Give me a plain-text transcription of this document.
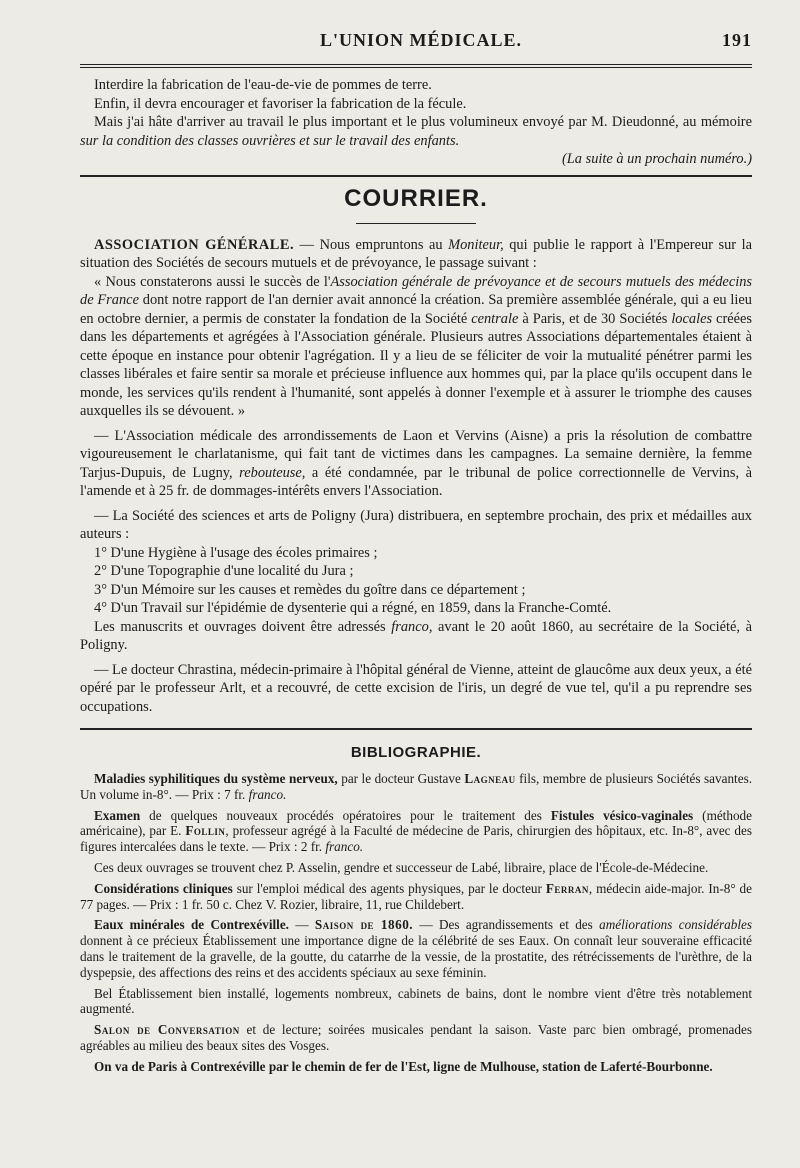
L'UNION MÉDICALE.	191

Interdire la fabrication de l'eau-de-vie de pommes de terre.

Enfin, il devra encourager et favoriser la fabrication de la fécule.

Mais j'ai hâte d'arriver au travail le plus important et le plus volumineux envoyé par M. Dieudonné, au mémoire sur la condition des classes ouvrières et sur le travail des enfants.

(La suite à un prochain numéro.)

COURRIER.

ASSOCIATION GÉNÉRALE. — Nous empruntons au Moniteur, qui publie le rapport à l'Empereur sur la situation des Sociétés de secours mutuels et de prévoyance, le passage suivant :

« Nous constaterons aussi le succès de l'Association générale de prévoyance et de secours mutuels des médecins de France dont notre rapport de l'an dernier avait annoncé la création. Sa première assemblée générale, qui a eu lieu en octobre dernier, a permis de constater la fondation de la Société centrale à Paris, et de 30 Sociétés locales créées dans les départements et agrégées à l'Association générale. Plusieurs autres Associations départementales étaient à cette époque en instance pour obtenir l'agrégation. Il y a lieu de se féliciter de voir la mutualité pénétrer parmi les classes libérales et faire sentir sa morale et précieuse influence aux hommes qui, par la place qu'ils occupent dans le monde, les services qu'ils rendent à l'humanité, sont appelés à donner l'exemple et à assurer le triomphe des causes auxquelles ils se dévouent. »

— L'Association médicale des arrondissements de Laon et Vervins (Aisne) a pris la résolution de combattre vigoureusement le charlatanisme, qui fait tant de victimes dans les campagnes. La semaine dernière, la femme Tarjus-Dupuis, de Lugny, rebouteuse, a été condamnée, par le tribunal de police correctionnelle de Vervins, à l'amende et à 25 fr. de dommages-intérêts envers l'Association.

— La Société des sciences et arts de Poligny (Jura) distribuera, en septembre prochain, des prix et médailles aux auteurs :

1° D'une Hygiène à l'usage des écoles primaires ;

2° D'une Topographie d'une localité du Jura ;

3° D'un Mémoire sur les causes et remèdes du goître dans ce département ;

4° D'un Travail sur l'épidémie de dysenterie qui a régné, en 1859, dans la Franche-Comté.

Les manuscrits et ouvrages doivent être adressés franco, avant le 20 août 1860, au secrétaire de la Société, à Poligny.

— Le docteur Chrastina, médecin-primaire à l'hôpital général de Vienne, atteint de glaucôme aux deux yeux, a été opéré par le professeur Arlt, et a recouvré, de cette excision de l'iris, un degré de vue tel, qu'il a pu reprendre ses occupations.

BIBLIOGRAPHIE.

Maladies syphilitiques du système nerveux, par le docteur Gustave Lagneau fils, membre de plusieurs Sociétés savantes. Un volume in-8°. — Prix : 7 fr. franco.

Examen de quelques nouveaux procédés opératoires pour le traitement des Fistules vésico-vaginales (méthode américaine), par E. Follin, professeur agrégé à la Faculté de médecine de Paris, chirurgien des hôpitaux, etc. In-8°, avec des figures intercalées dans le texte. — Prix : 2 fr. franco.

Ces deux ouvrages se trouvent chez P. Asselin, gendre et successeur de Labé, libraire, place de l'École-de-Médecine.

Considérations cliniques sur l'emploi médical des agents physiques, par le docteur Ferran, médecin aide-major. In-8° de 77 pages. — Prix : 1 fr. 50 c. Chez V. Rozier, libraire, 11, rue Childebert.

Eaux minérales de Contrexéville. — Saison de 1860. — Des agrandissements et des améliorations considérables donnent à ce précieux Établissement une importance digne de la célébrité de ses Eaux. On connaît leur souveraine efficacité dans le traitement de la gravelle, de la goutte, du catarrhe de la vessie, de la prostatite, des rétrécissements de l'urèthre, de la dyspepsie, des affections des reins et des accidents spéciaux au sexe féminin.

Bel Établissement bien installé, logements nombreux, cabinets de bains, dont le nombre vient d'être très notablement augmenté.

Salon de Conversation et de lecture; soirées musicales pendant la saison. Vaste parc bien ombragé, promenades agréables au milieu des beaux sites des Vosges.

On va de Paris à Contrexéville par le chemin de fer de l'Est, ligne de Mulhouse, station de Laferté-Bourbonne.
